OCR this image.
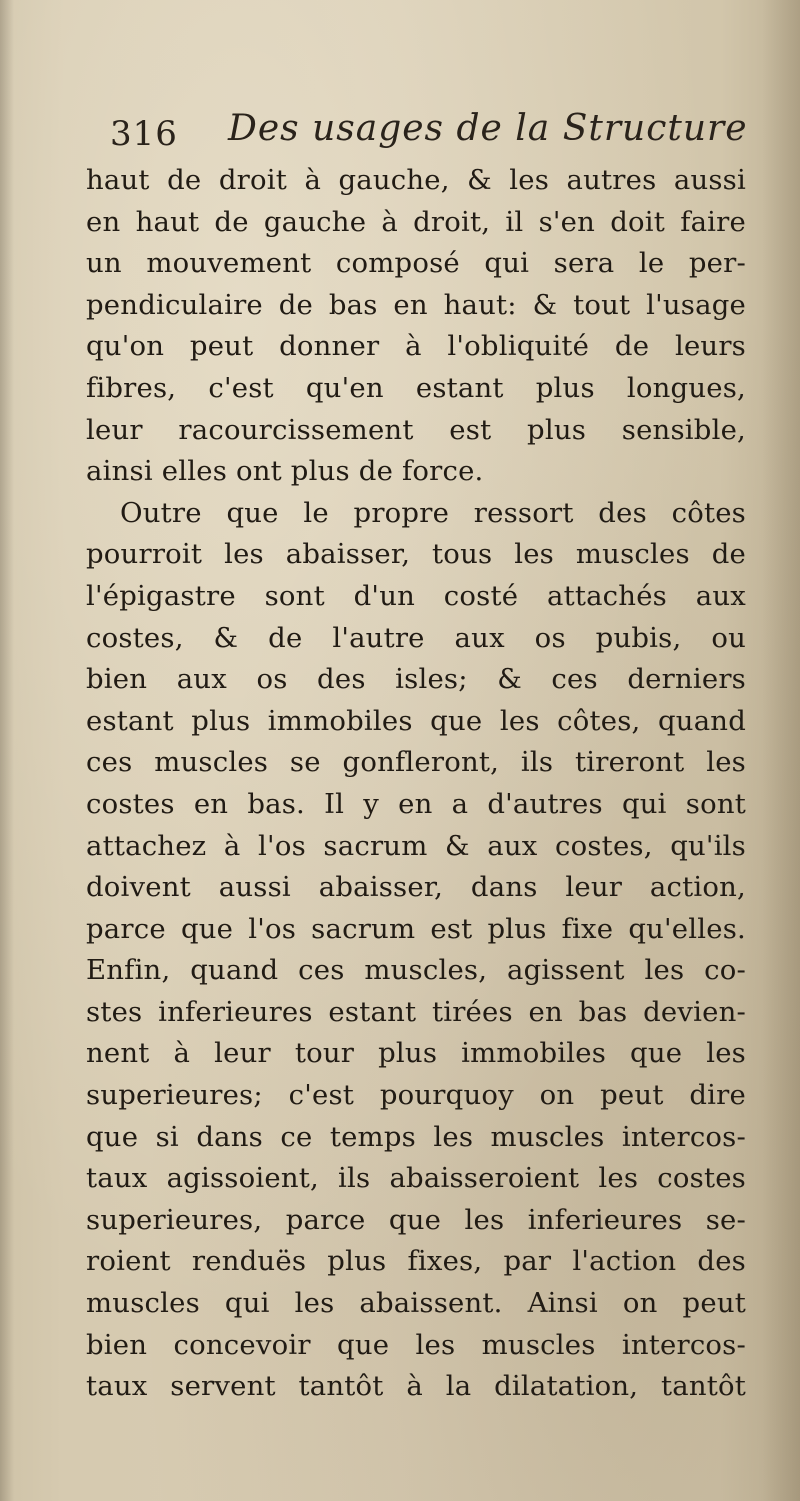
316 Des usages de la Structure
haut de droit à gauche, & les autres aussi
en haut de gauche à droit, il s'en doit faire
un mouvement composé qui sera le per-
pendiculaire de bas en haut: & tout l'usage
qu'on peut donner à l'obliquité de leurs
fibres, c'est qu'en estant plus longues,
leur racourcissement est plus sensible,
ainsi elles ont plus de force.
Outre que le propre ressort des côtes
pourroit les abaisser, tous les muscles de
l'épigastre sont d'un costé attachés aux
costes, & de l'autre aux os pubis, ou
bien aux os des isles; & ces derniers
estant plus immobiles que les côtes, quand
ces muscles se gonfleront, ils tireront les
costes en bas. Il y en a d'autres qui sont
attachez à l'os sacrum & aux costes, qu'ils
doivent aussi abaisser, dans leur action,
parce que l'os sacrum est plus fixe qu'elles.
Enfin, quand ces muscles, agissent les co-
stes inferieures estant tirées en bas devien-
nent à leur tour plus immobiles que les
superieures; c'est pourquoy on peut dire
que si dans ce temps les muscles intercos-
taux agissoient, ils abaisseroient les costes
superieures, parce que les inferieures se-
roient renduës plus fixes, par l'action des
muscles qui les abaissent. Ainsi on peut
bien concevoir que les muscles intercos-
taux servent tantôt à la dilatation, tantôt
